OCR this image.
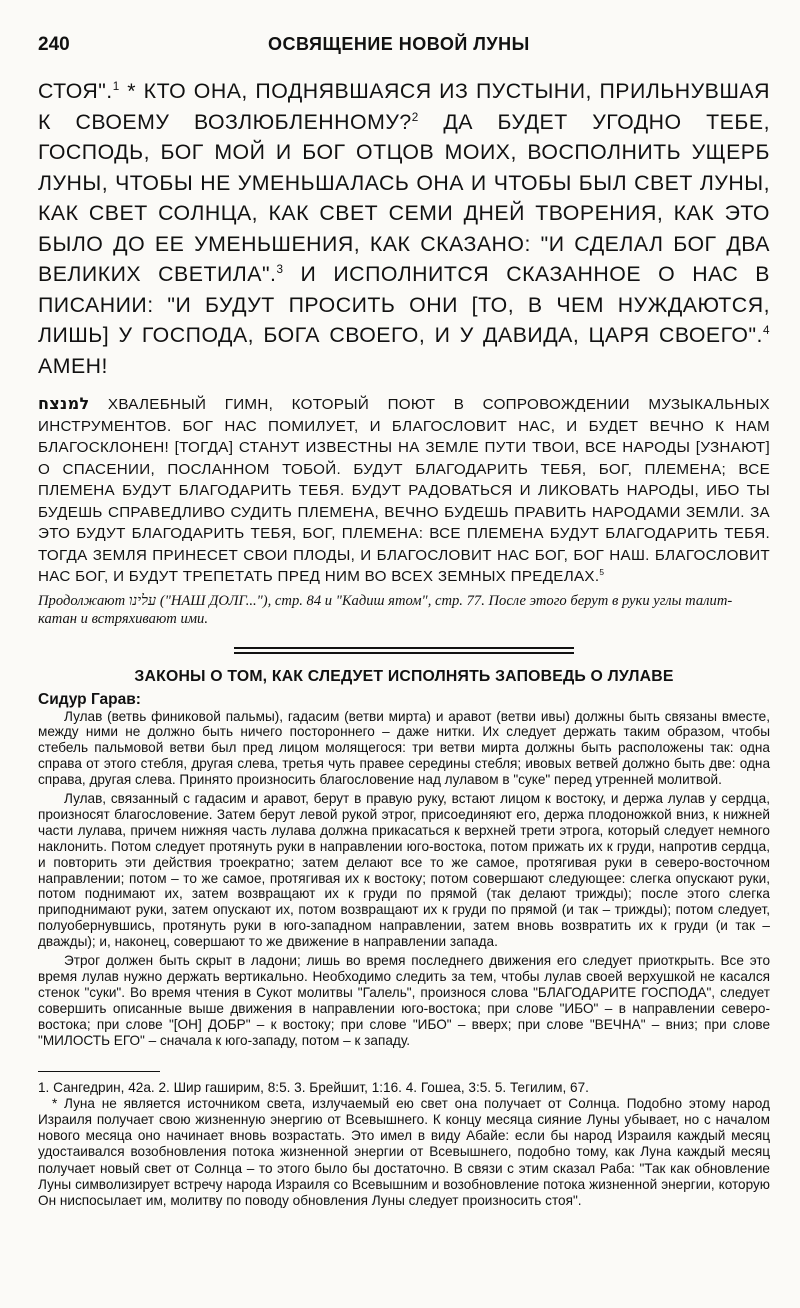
240	ОСВЯЩЕНИЕ НОВОЙ ЛУНЫ

СТОЯ".$^1$ * КТО ОНА, ПОДНЯВШАЯСЯ ИЗ ПУСТЫНИ, ПРИЛЬНУВШАЯ К СВОЕМУ ВОЗЛЮБЛЕННОМУ?$^2$ ДА БУДЕТ УГОДНО ТЕБЕ, ГОСПОДЬ, БОГ МОЙ И БОГ ОТЦОВ МОИХ, ВОСПОЛНИТЬ УЩЕРБ ЛУНЫ, ЧТОБЫ НЕ УМЕНЬШАЛАСЬ ОНА И ЧТОБЫ БЫЛ СВЕТ ЛУНЫ, КАК СВЕТ СОЛНЦА, КАК СВЕТ СЕМИ ДНЕЙ ТВОРЕНИЯ, КАК ЭТО БЫЛО ДО ЕЕ УМЕНЬШЕНИЯ, КАК СКАЗАНО: "И СДЕЛАЛ БОГ ДВА ВЕЛИКИХ СВЕТИЛА".$^3$ И ИСПОЛНИТСЯ СКАЗАННОЕ О НАС В ПИСАНИИ: "И БУДУТ ПРОСИТЬ ОНИ [ТО, В ЧЕМ НУЖДАЮТСЯ, ЛИШЬ] У ГОСПОДА, БОГА СВОЕГО, И У ДАВИДА, ЦАРЯ СВОЕГО".$^4$ АМЕН!

למנצח ХВАЛЕБНЫЙ ГИМН, КОТОРЫЙ ПОЮТ В СОПРОВОЖДЕНИИ МУЗЫКАЛЬНЫХ ИНСТРУМЕНТОВ. БОГ НАС ПОМИЛУЕТ, И БЛАГОСЛОВИТ НАС, И БУДЕТ ВЕЧНО К НАМ БЛАГОСКЛОНЕН! [ТОГДА] СТАНУТ ИЗВЕСТНЫ НА ЗЕМЛЕ ПУТИ ТВОИ, ВСЕ НАРОДЫ [УЗНАЮТ] О СПАСЕНИИ, ПОСЛАННОМ ТОБОЙ. БУДУТ БЛАГОДАРИТЬ ТЕБЯ, БОГ, ПЛЕМЕНА; ВСЕ ПЛЕМЕНА БУДУТ БЛАГОДАРИТЬ ТЕБЯ. БУДУТ РАДОВАТЬСЯ И ЛИКОВАТЬ НАРОДЫ, ИБО ТЫ БУДЕШЬ СПРАВЕДЛИВО СУДИТЬ ПЛЕМЕНА, ВЕЧНО БУДЕШЬ ПРАВИТЬ НАРОДАМИ ЗЕМЛИ. ЗА ЭТО БУДУТ БЛАГОДАРИТЬ ТЕБЯ, БОГ, ПЛЕМЕНА: ВСЕ ПЛЕМЕНА БУДУТ БЛАГОДАРИТЬ ТЕБЯ. ТОГДА ЗЕМЛЯ ПРИНЕСЕТ СВОИ ПЛОДЫ, И БЛАГОСЛОВИТ НАС БОГ, БОГ НАШ. БЛАГОСЛОВИТ НАС БОГ, И БУДУТ ТРЕПЕТАТЬ ПРЕД НИМ ВО ВСЕХ ЗЕМНЫХ ПРЕДЕЛАХ.$^5$
Продолжают עלינו ("НАШ ДОЛГ..."), стр. 84 и "Кадиш ятом", стр. 77. После этого берут в руки углы талит-катан и встряхивают ими.
ЗАКОНЫ О ТОМ, КАК СЛЕДУЕТ ИСПОЛНЯТЬ ЗАПОВЕДЬ О ЛУЛАВЕ
Сидур Гарав:

Лулав (ветвь финиковой пальмы), гадасим (ветви мирта) и аравот (ветви ивы) должны быть связаны вместе, между ними не должно быть ничего постороннего – даже нитки. Их следует держать таким образом, чтобы стебель пальмовой ветви был пред лицом молящегося: три ветви мирта должны быть расположены так: одна справа от этого стебля, другая слева, третья чуть правее середины стебля; ивовых ветвей должно быть две: одна справа, другая слева. Принято произносить благословение над лулавом в "суке" перед утренней молитвой.

Лулав, связанный с гадасим и аравот, берут в правую руку, встают лицом к востоку, и держа лулав у сердца, произносят благословение. Затем берут левой рукой этрог, присоединяют его, держа плодоножкой вниз, к нижней части лулава, причем нижняя часть лулава должна прикасаться к верхней трети этрога, который следует немного наклонить. Потом следует протянуть руки в направлении юго-востока, потом прижать их к груди, напротив сердца, и повторить эти действия троекратно; затем делают все то же самое, протягивая руки в северо-восточном направлении; потом – то же самое, протягивая их к востоку; потом совершают следующее: слегка опускают руки, потом поднимают их, затем возвращают их к груди по прямой (так делают трижды); после этого слегка приподнимают руки, затем опускают их, потом возвращают их к груди по прямой (и так – трижды); потом следует, полуобернувшись, протянуть руки в юго-западном направлении, затем вновь возвратить их к груди (и так – дважды); и, наконец, совершают то же движение в направлении запада.

Этрог должен быть скрыт в ладони; лишь во время последнего движения его следует приоткрыть. Все это время лулав нужно держать вертикально. Необходимо следить за тем, чтобы лулав своей верхушкой не касался стенок "суки". Во время чтения в Сукот молитвы "Галель", произнося слова "БЛАГОДАРИТЕ ГОСПОДА", следует совершить описанные выше движения в направлении юго-востока; при слове "ИБО" – в направлении северо-востока; при слове "[ОН] ДОБР" – к востоку; при слове "ИБО" – вверх; при слове "ВЕЧНА" – вниз; при слове "МИЛОСТЬ ЕГО" – сначала к юго-западу, потом – к западу.

1. Сангедрин, 42а. 2. Шир гаширим, 8:5. 3. Брейшит, 1:16. 4. Гошеа, 3:5. 5. Тегилим, 67.

* Луна не является источником света, излучаемый ею свет она получает от Солнца. Подобно этому народ Израиля получает свою жизненную энергию от Всевышнего. К концу месяца сияние Луны убывает, но с началом нового месяца оно начинает вновь возрастать. Это имел в виду Абайе: если бы народ Израиля каждый месяц удостаивался возобновления потока жизненной энергии от Всевышнего, подобно тому, как Луна каждый месяц получает новый свет от Солнца – то этого было бы достаточно. В связи с этим сказал Раба: "Так как обновление Луны символизирует встречу народа Израиля со Всевышним и возобновление потока жизненной энергии, которую Он ниспосылает им, молитву по поводу обновления Луны следует произносить стоя".
